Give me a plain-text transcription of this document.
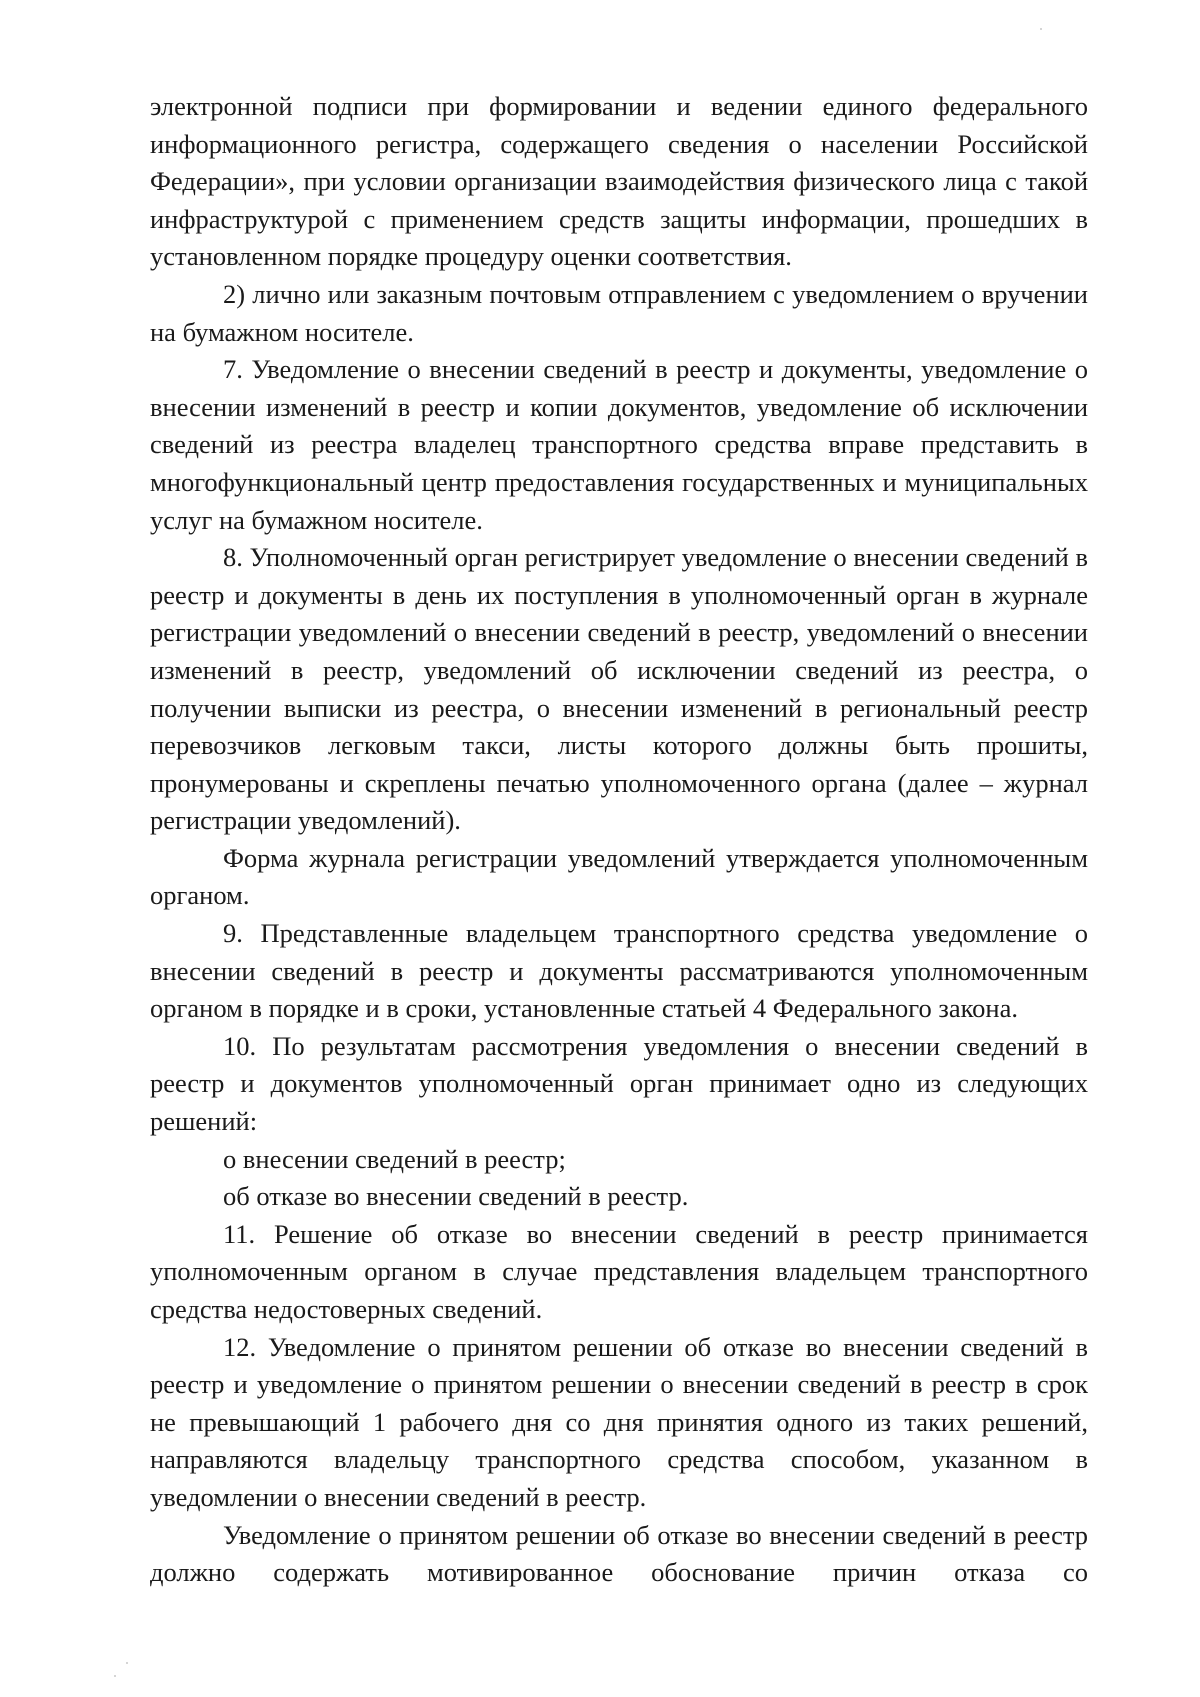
электронной подписи при формировании и ведении единого федерального информационного регистра, содержащего сведения о населении Российской Федерации», при условии организации взаимодействия физического лица с такой инфраструктурой с применением средств защиты информации, прошедших в установленном порядке процедуру оценки соответствия.

2) лично или заказным почтовым отправлением с уведомлением о вручении на бумажном носителе.

7. Уведомление о внесении сведений в реестр и документы, уведомление о внесении изменений в реестр и копии документов, уведомление об исключении сведений из реестра владелец транспортного средства вправе представить в многофункциональный центр предоставления государственных и муниципальных услуг на бумажном носителе.

8. Уполномоченный орган регистрирует уведомление о внесении сведений в реестр и документы в день их поступления в уполномоченный орган в журнале регистрации уведомлений о внесении сведений в реестр, уведомлений о внесении изменений в реестр, уведомлений об исключении сведений из реестра, о получении выписки из реестра, о внесении изменений в региональный реестр перевозчиков легковым такси, листы которого должны быть прошиты, пронумерованы и скреплены печатью уполномоченного органа (далее – журнал регистрации уведомлений).

Форма журнала регистрации уведомлений утверждается уполномоченным органом.

9. Представленные владельцем транспортного средства уведомление о внесении сведений в реестр и документы рассматриваются уполномоченным органом в порядке и в сроки, установленные статьей 4 Федерального закона.

10. По результатам рассмотрения уведомления о внесении сведений в реестр и документов уполномоченный орган принимает одно из следующих решений:

о внесении сведений в реестр;

об отказе во внесении сведений в реестр.

11. Решение об отказе во внесении сведений в реестр принимается уполномоченным органом в случае представления владельцем транспортного средства недостоверных сведений.

12. Уведомление о принятом решении об отказе во внесении сведений в реестр и уведомление о принятом решении о внесении сведений в реестр в срок не превышающий 1 рабочего дня со дня принятия одного из таких решений, направляются владельцу транспортного средства способом, указанном в уведомлении о внесении сведений в реестр.

Уведомление о принятом решении об отказе во внесении сведений в реестр должно содержать мотивированное обоснование причин отказа со
